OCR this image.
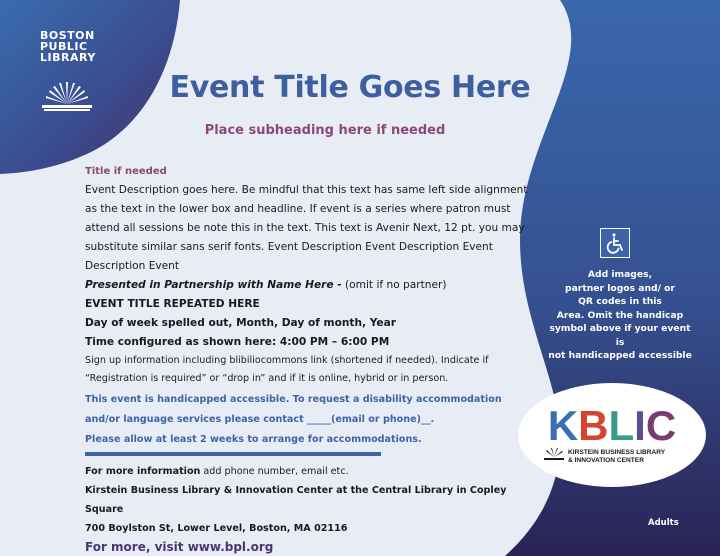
BOSTON
PUBLIC
LIBRARY
Event Title Goes Here
Place subheading here if needed

Title if needed

Event Description goes here. Be mindful that this text has same left side alignment as the text in the lower box and headline. If event is a series where patron must attend all sessions be note this in the text. This text is Avenir Next, 12 pt. you may substitute similar sans serif fonts. Event Description Event Description Event Description Event

Presented in Partnership with Name Here - (omit if no partner)

EVENT TITLE REPEATED HERE

Day of week spelled out, Month, Day of month, Year

Time configured as shown here: 4:00 PM – 6:00 PM

Sign up information including blibiliocommons link (shortened if needed). Indicate if “Registration is required” or “drop in” and if it is online, hybrid or in person.

This event is handicapped accessible. To request a disability accommodation

and/or language services please contact _____(email or phone)__.

Please allow at least 2 weeks to arrange for accommodations.

For more information add phone number, email etc.

Kirstein Business Library & Innovation Center at the Central Library in Copley Square

700 Boylston St, Lower Level, Boston, MA 02116

For more, visit www.bpl.org

Add images,

partner logos and/ or

QR codes in this

Area. Omit the handicap

symbol above if your event is

not handicapped accessible

KBLIC
KIRSTEIN BUSINESS LIBRARY
& INNOVATION CENTER
Adults
